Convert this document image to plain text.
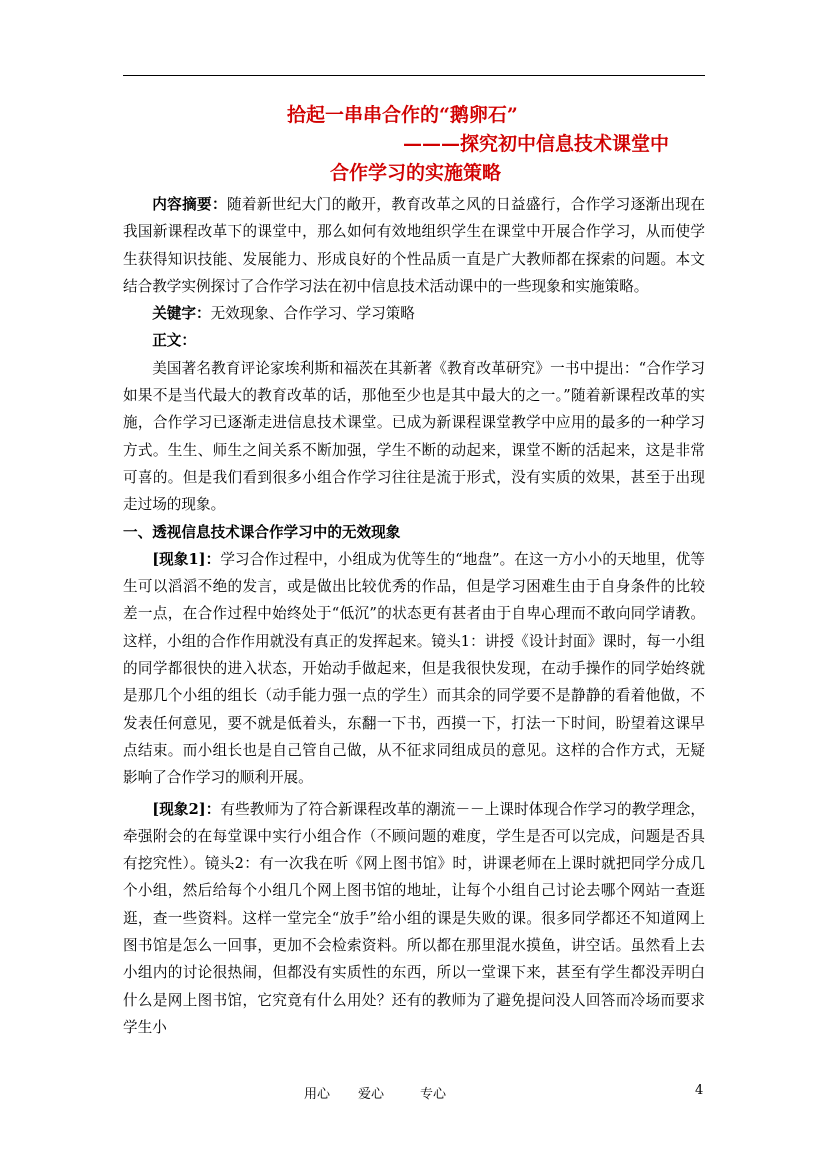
拾起一串串合作的“鹅卵石”
———探究初中信息技术课堂中
合作学习的实施策略

内容摘要：随着新世纪大门的敞开，教育改革之风的日益盛行，合作学习逐渐出现在我国新课程改革下的课堂中，那么如何有效地组织学生在课堂中开展合作学习，从而使学生获得知识技能、发展能力、形成良好的个性品质一直是广大教师都在探索的问题。本文结合教学实例探讨了合作学习法在初中信息技术活动课中的一些现象和实施策略。

关键字：无效现象、合作学习、学习策略

正文：

美国著名教育评论家埃利斯和福茨在其新著《教育改革研究》一书中提出：“合作学习如果不是当代最大的教育改革的话，那他至少也是其中最大的之一。”随着新课程改革的实施，合作学习已逐渐走进信息技术课堂。已成为新课程课堂教学中应用的最多的一种学习方式。生生、师生之间关系不断加强，学生不断的动起来，课堂不断的活起来，这是非常可喜的。但是我们看到很多小组合作学习往往是流于形式，没有实质的效果，甚至于出现走过场的现象。

一、透视信息技术课合作学习中的无效现象

[现象1]：学习合作过程中，小组成为优等生的“地盘”。在这一方小小的天地里，优等生可以滔滔不绝的发言，或是做出比较优秀的作品，但是学习困难生由于自身条件的比较差一点，在合作过程中始终处于“低沉”的状态更有甚者由于自卑心理而不敢向同学请教。这样，小组的合作作用就没有真正的发挥起来。镜头1：讲授《设计封面》课时，每一小组的同学都很快的进入状态，开始动手做起来，但是我很快发现，在动手操作的同学始终就是那几个小组的组长（动手能力强一点的学生）而其余的同学要不是静静的看着他做，不发表任何意见，要不就是低着头，东翻一下书，西摸一下，打法一下时间，盼望着这课早点结束。而小组长也是自己管自己做，从不征求同组成员的意见。这样的合作方式，无疑影响了合作学习的顺利开展。

[现象2]：有些教师为了符合新课程改革的潮流－－上课时体现合作学习的教学理念，牵强附会的在每堂课中实行小组合作（不顾问题的难度，学生是否可以完成，问题是否具有挖究性）。镜头2：有一次我在听《网上图书馆》时，讲课老师在上课时就把同学分成几个小组，然后给每个小组几个网上图书馆的地址，让每个小组自己讨论去哪个网站一查逛逛，查一些资料。这样一堂完全“放手”给小组的课是失败的课。很多同学都还不知道网上图书馆是怎么一回事，更加不会检索资料。所以都在那里混水摸鱼，讲空话。虽然看上去小组内的讨论很热闹，但都没有实质性的东西，所以一堂课下来，甚至有学生都没弄明白什么是网上图书馆，它究竟有什么用处？还有的教师为了避免提问没人回答而冷场而要求学生小

用心 爱心	专心	4
